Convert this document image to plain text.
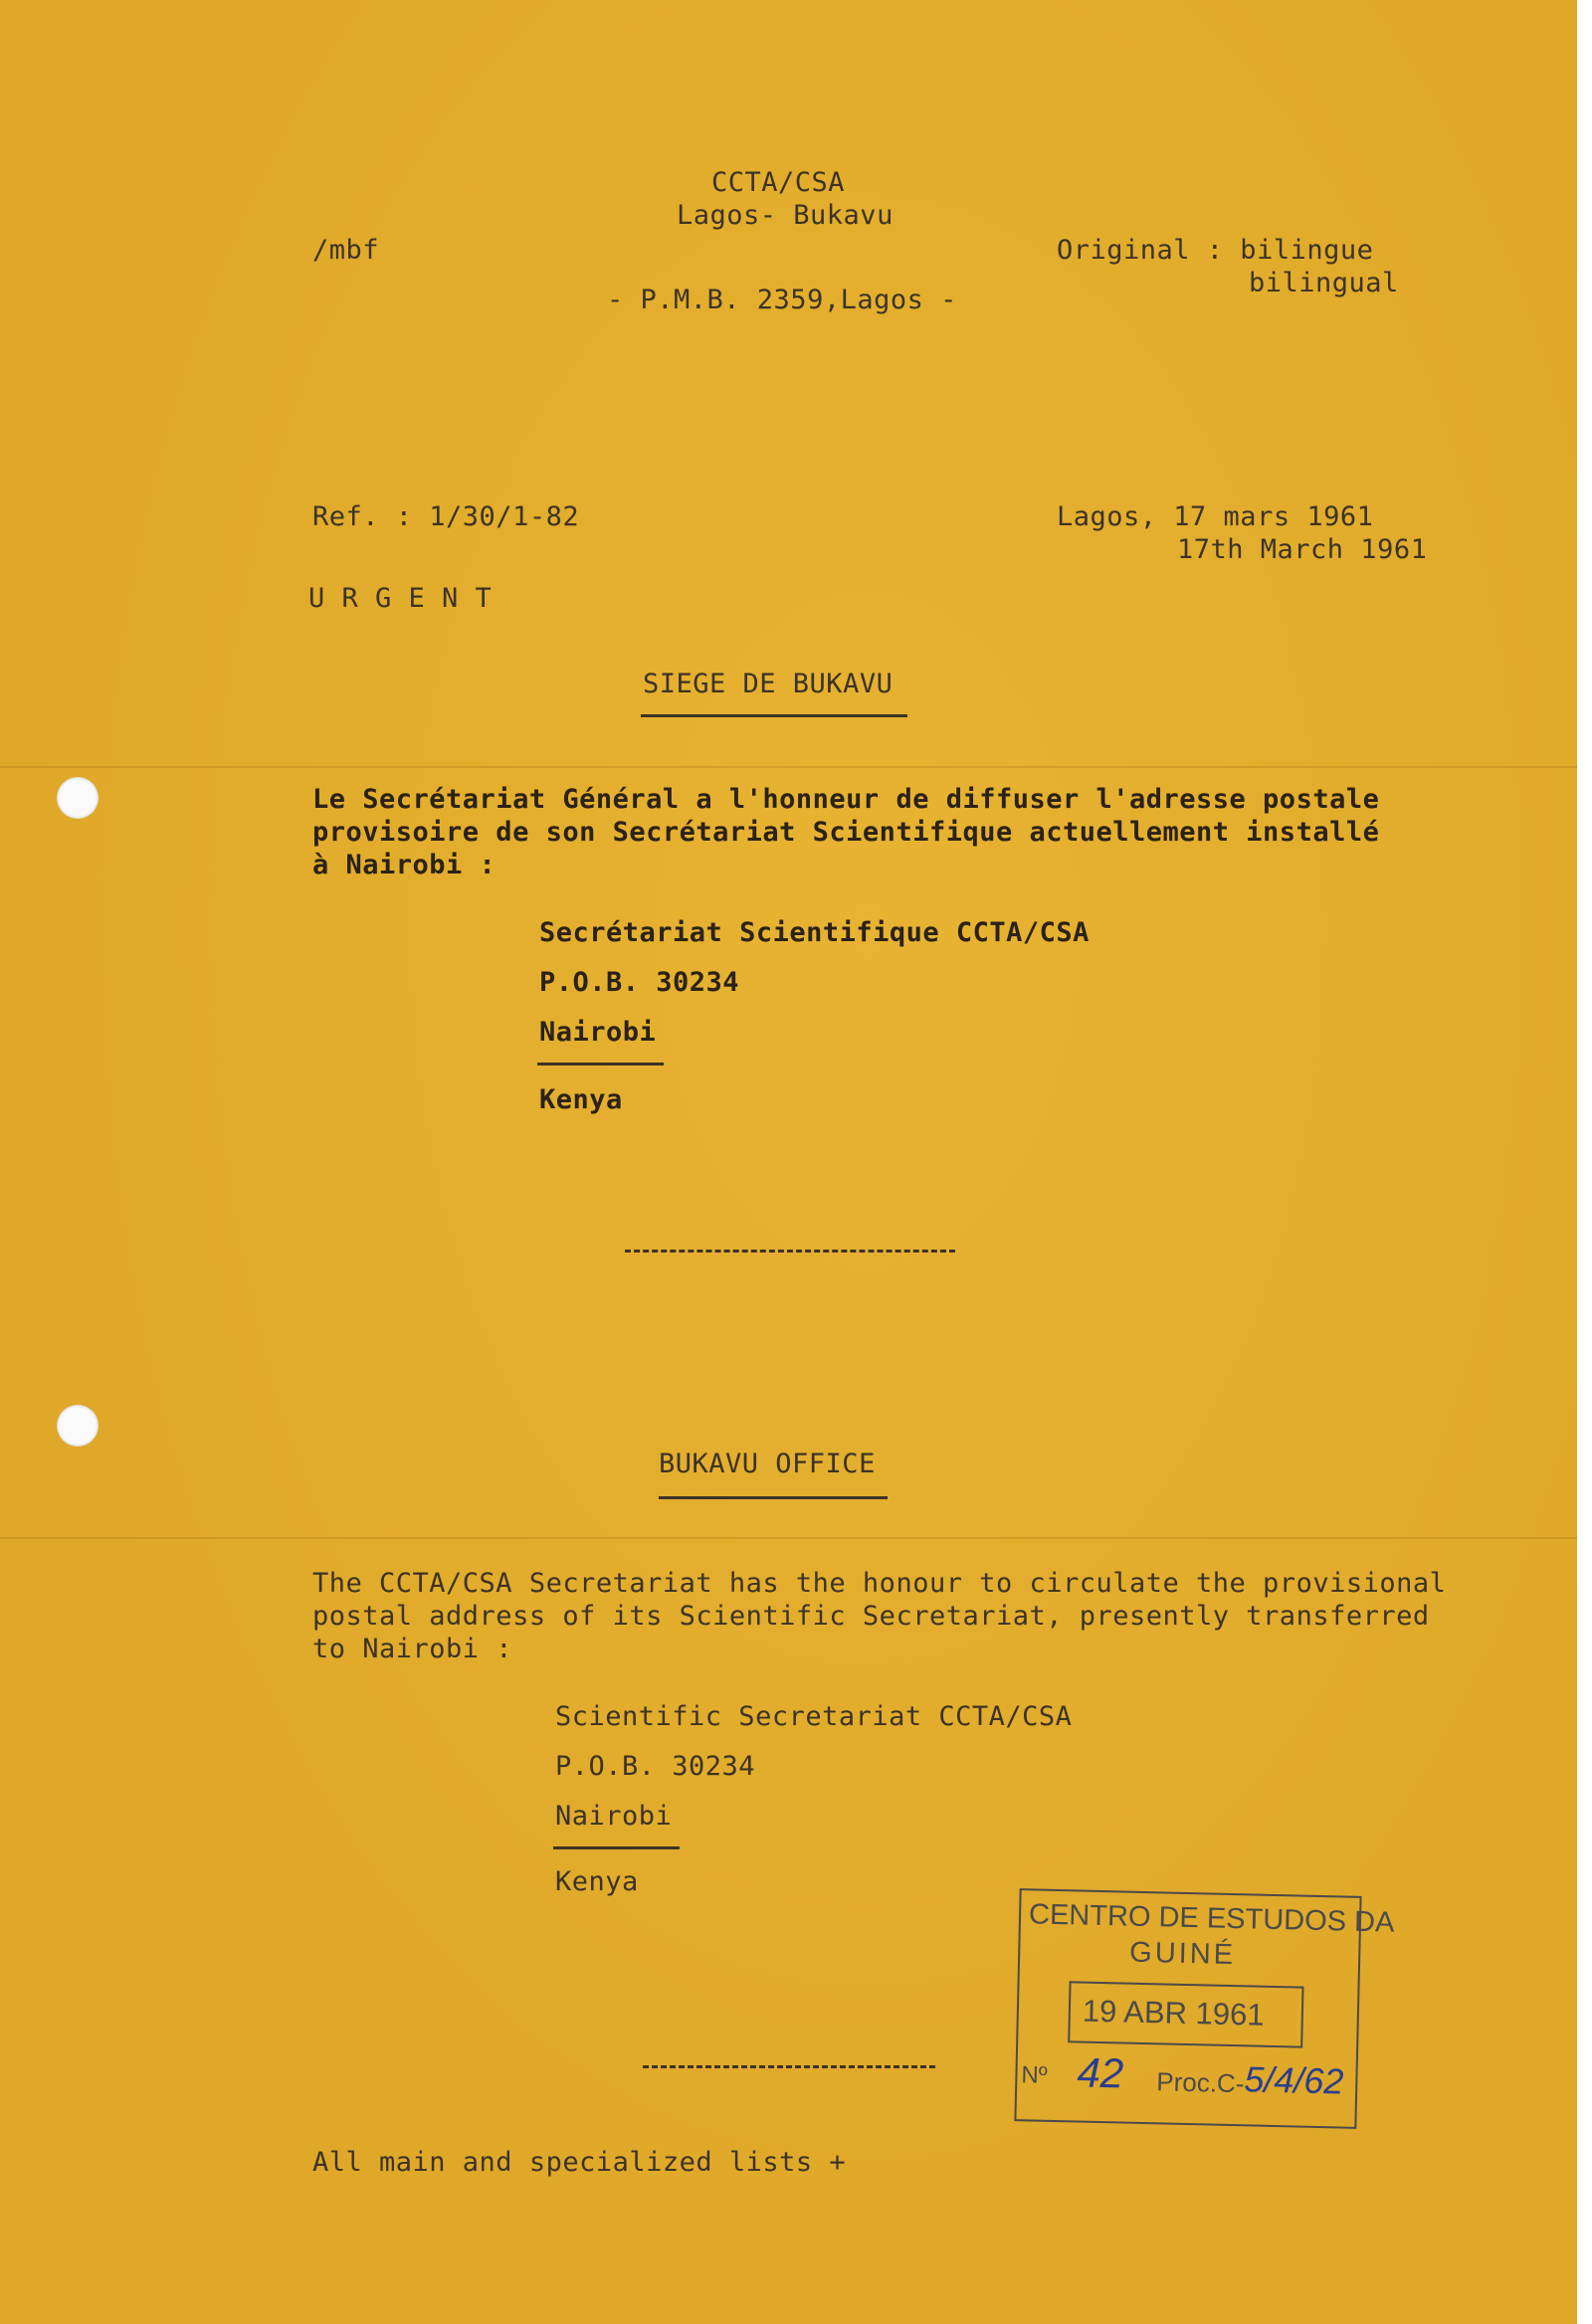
CCTA/CSA
Lagos- Bukavu
/mbf	Original : bilingue
bilingual
- P.M.B. 2359,Lagos -
Ref. : 1/30/1-82	Lagos, 17 mars 1961
17th March 1961
U R G E N T
SIEGE DE BUKAVU
Le Secrétariat Général a l'honneur de diffuser l'adresse postale
provisoire de son Secrétariat Scientifique actuellement installé
à Nairobi :
Secrétariat Scientifique CCTA/CSA
P.O.B. 30234
Nairobi
Kenya
BUKAVU OFFICE
The CCTA/CSA Secretariat has the honour to circulate the provisional
postal address of its Scientific Secretariat, presently transferred
to Nairobi :
Scientific Secretariat CCTA/CSA
P.O.B. 30234
Nairobi
Kenya
All main and specialized lists +
CENTRO DE ESTUDOS DA
GUINÉ
19 ABR 1961
Nº 42 Proc.C- 5/4/62
